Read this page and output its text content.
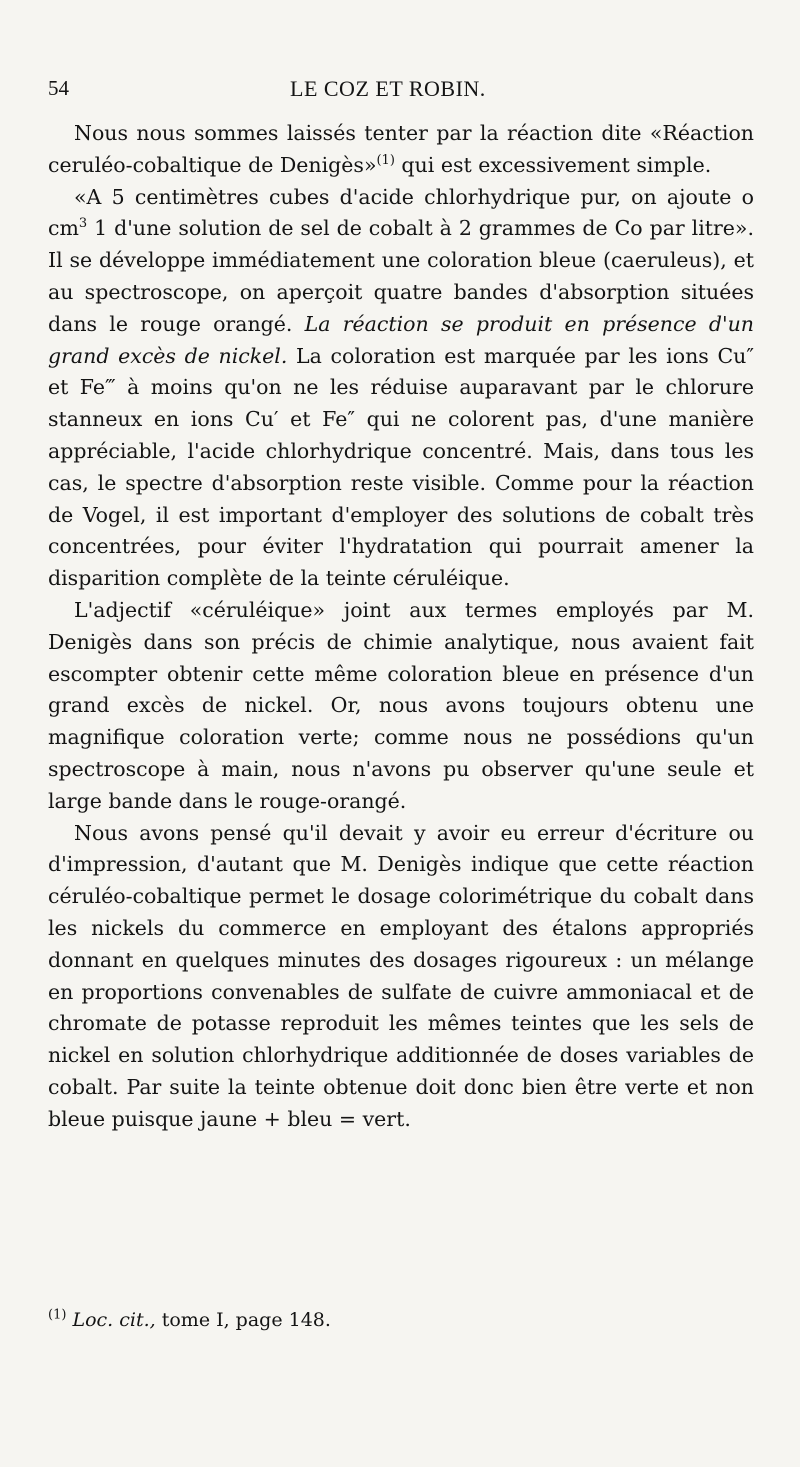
54	LE COZ ET ROBIN.

Nous nous sommes laissés tenter par la réaction dite «Réaction ceruléo-cobaltique de Denigès»$^{(1)}$ qui est excessivement simple.

«A 5 centimètres cubes d'acide chlorhydrique pur, on ajoute o cm$^3$ 1 d'une solution de sel de cobalt à 2 grammes de Co par litre». Il se développe immédiatement une coloration bleue (caeruleus), et au spectroscope, on aperçoit quatre bandes d'absorption situées dans le rouge orangé. La réaction se produit en présence d'un grand excès de nickel. La coloration est marquée par les ions Cu″ et Fe‴ à moins qu'on ne les réduise auparavant par le chlorure stanneux en ions Cu′ et Fe″ qui ne colorent pas, d'une manière appréciable, l'acide chlorhydrique concentré. Mais, dans tous les cas, le spectre d'absorption reste visible. Comme pour la réaction de Vogel, il est important d'employer des solutions de cobalt très concentrées, pour éviter l'hydratation qui pourrait amener la disparition complète de la teinte céruléique.

L'adjectif «céruléique» joint aux termes employés par M. Denigès dans son précis de chimie analytique, nous avaient fait escompter obtenir cette même coloration bleue en présence d'un grand excès de nickel. Or, nous avons toujours obtenu une magnifique coloration verte; comme nous ne possédions qu'un spectroscope à main, nous n'avons pu observer qu'une seule et large bande dans le rouge-orangé.

Nous avons pensé qu'il devait y avoir eu erreur d'écriture ou d'impression, d'autant que M. Denigès indique que cette réaction céruléo-cobaltique permet le dosage colorimétrique du cobalt dans les nickels du commerce en employant des étalons appropriés donnant en quelques minutes des dosages rigoureux : un mélange en proportions convenables de sulfate de cuivre ammoniacal et de chromate de potasse reproduit les mêmes teintes que les sels de nickel en solution chlorhydrique additionnée de doses variables de cobalt. Par suite la teinte obtenue doit donc bien être verte et non bleue puisque jaune + bleu = vert.

$^{(1)}$ Loc. cit., tome I, page 148.
